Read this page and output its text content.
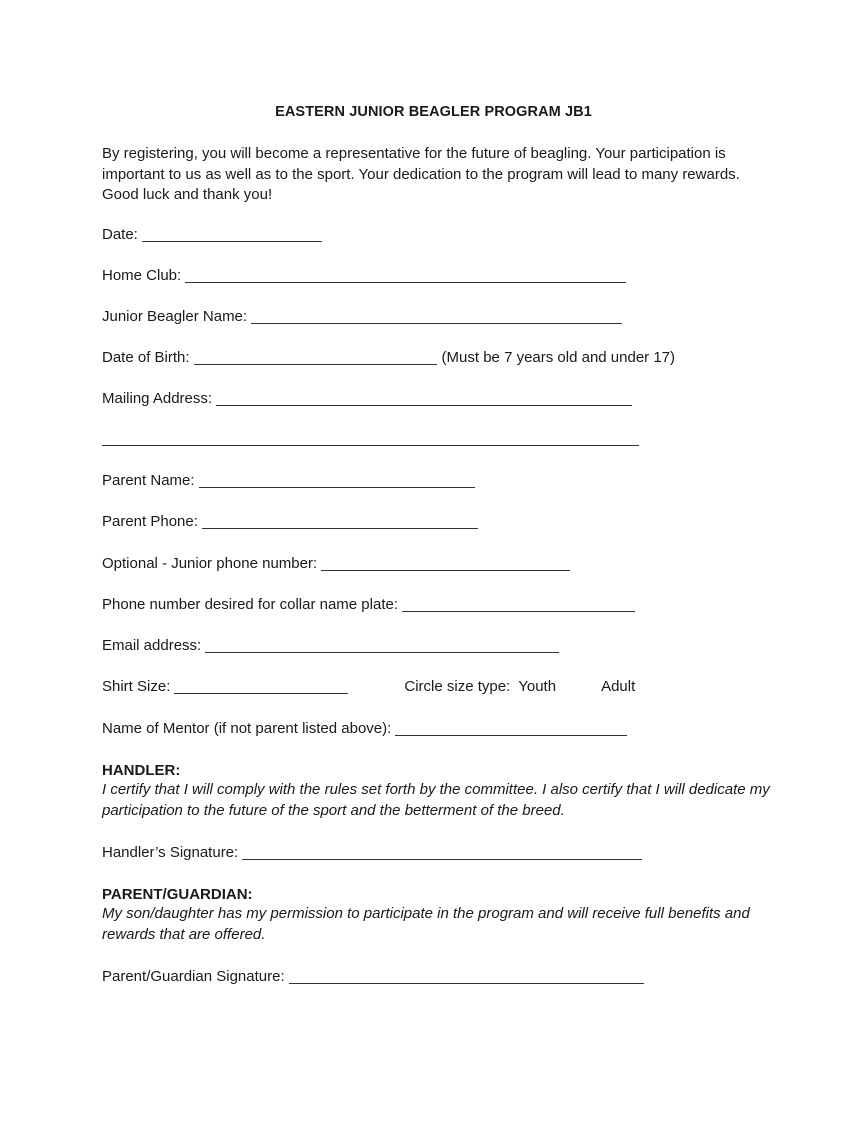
EASTERN JUNIOR BEAGLER PROGRAM JB1
By registering, you will become a representative for the future of beagling. Your participation is important to us as well as to the sport. Your dedication to the program will lead to many rewards. Good luck and thank you!
Date:
Home Club:
Junior Beagler Name:
Date of Birth:	(Must be 7 years old and under 17)
Mailing Address:
Parent Name:
Parent Phone:
Optional - Junior phone number:
Phone number desired for collar name plate:
Email address:
Shirt Size:	Circle size type: Youth	Adult
Name of Mentor (if not parent listed above):
HANDLER:
I certify that I will comply with the rules set forth by the committee. I also certify that I will dedicate my participation to the future of the sport and the betterment of the breed.
Handler’s Signature:
PARENT/GUARDIAN:
My son/daughter has my permission to participate in the program and will receive full benefits and rewards that are offered.
Parent/Guardian Signature:
